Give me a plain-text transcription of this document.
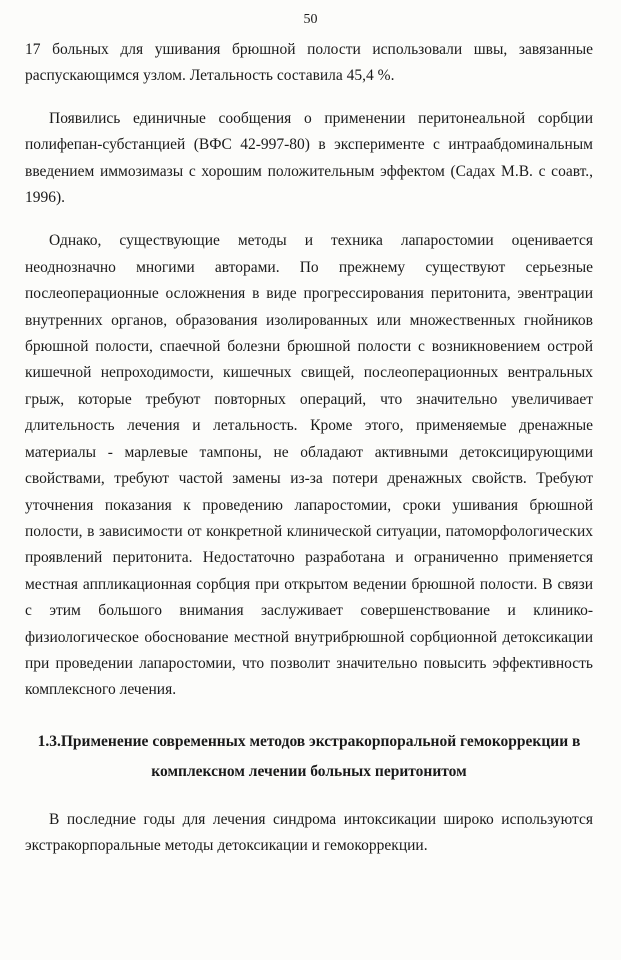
50

17 больных для ушивания брюшной полости использовали швы, завязанные распускающимся узлом. Летальность составила 45,4 %.

Появились единичные сообщения о применении перитонеальной сорбции полифепан-субстанцией (ВФС 42-997-80) в эксперименте с интраабдоминальным введением иммозимазы с хорошим положительным эффектом (Садах М.В. с соавт., 1996).

Однако, существующие методы и техника лапаростомии оценивается неоднозначно многими авторами. По прежнему существуют серьезные послеоперационные осложнения в виде прогрессирования перитонита, эвентрации внутренних органов, образования изолированных или множественных гнойников брюшной полости, спаечной болезни брюшной полости с возникновением острой кишечной непроходимости, кишечных свищей, послеоперационных вентральных грыж, которые требуют повторных операций, что значительно увеличивает длительность лечения и летальность. Кроме этого, применяемые дренажные материалы - марлевые тампоны, не обладают активными детоксицирующими свойствами, требуют частой замены из-за потери дренажных свойств. Требуют уточнения показания к проведению лапаростомии, сроки ушивания брюшной полости, в зависимости от конкретной клинической ситуации, патоморфологических проявлений перитонита. Недостаточно разработана и ограниченно применяется местная аппликационная сорбция при открытом ведении брюшной полости. В связи с этим большого внимания заслуживает совершенствование и клинико-физиологическое обоснование местной внутрибрюшной сорбционной детоксикации при проведении лапаростомии, что позволит значительно повысить эффективность комплексного лечения.

1.3.Применение современных методов экстракорпоральной гемокоррекции в комплексном лечении больных перитонитом

В последние годы для лечения синдрома интоксикации широко используются экстракорпоральные методы детоксикации и гемокоррекции.
